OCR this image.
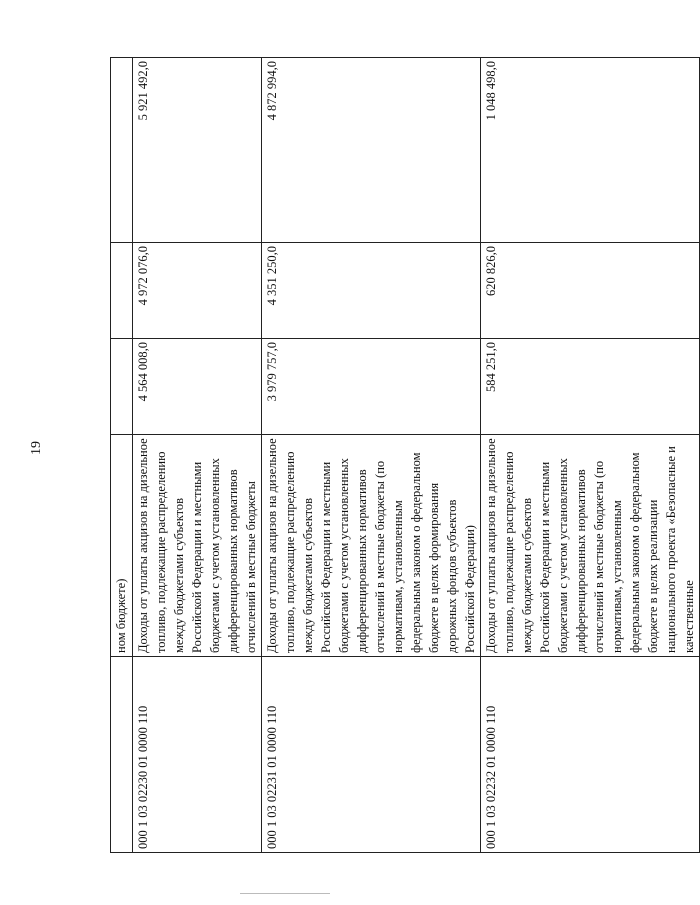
19
	ном бюджете)			
000 1 03 02230 01 0000 110	Доходы от уплаты акцизов на дизельное топливо, подлежащие распределению между бюджетами субъектов Российской Федерации и местными бюджетами с учетом установленных дифференцированных нормативов отчислений в местные бюджеты	4 564 008,0	4 972 076,0	5 921 492,0
000 1 03 02231 01 0000 110	Доходы от уплаты акцизов на дизельное топливо, подлежащие распределению между бюджетами субъектов Российской Федерации и местными бюджетами с учетом установленных дифференцированных нормативов отчислений в местные бюджеты (по нормативам, установленным федеральным законом о федеральном бюджете в целях формирования дорожных фондов субъектов Российской Федерации)	3 979 757,0	4 351 250,0	4 872 994,0
000 1 03 02232 01 0000 110	Доходы от уплаты акцизов на дизельное топливо, подлежащие распределению между бюджетами субъектов Российской Федерации и местными бюджетами с учетом установленных дифференцированных нормативов отчислений в местные бюджеты (по нормативам, установленным федеральным законом о федеральном бюджете в целях реализации национального проекта «Безопасные и качественные	584 251,0	620 826,0	1 048 498,0
